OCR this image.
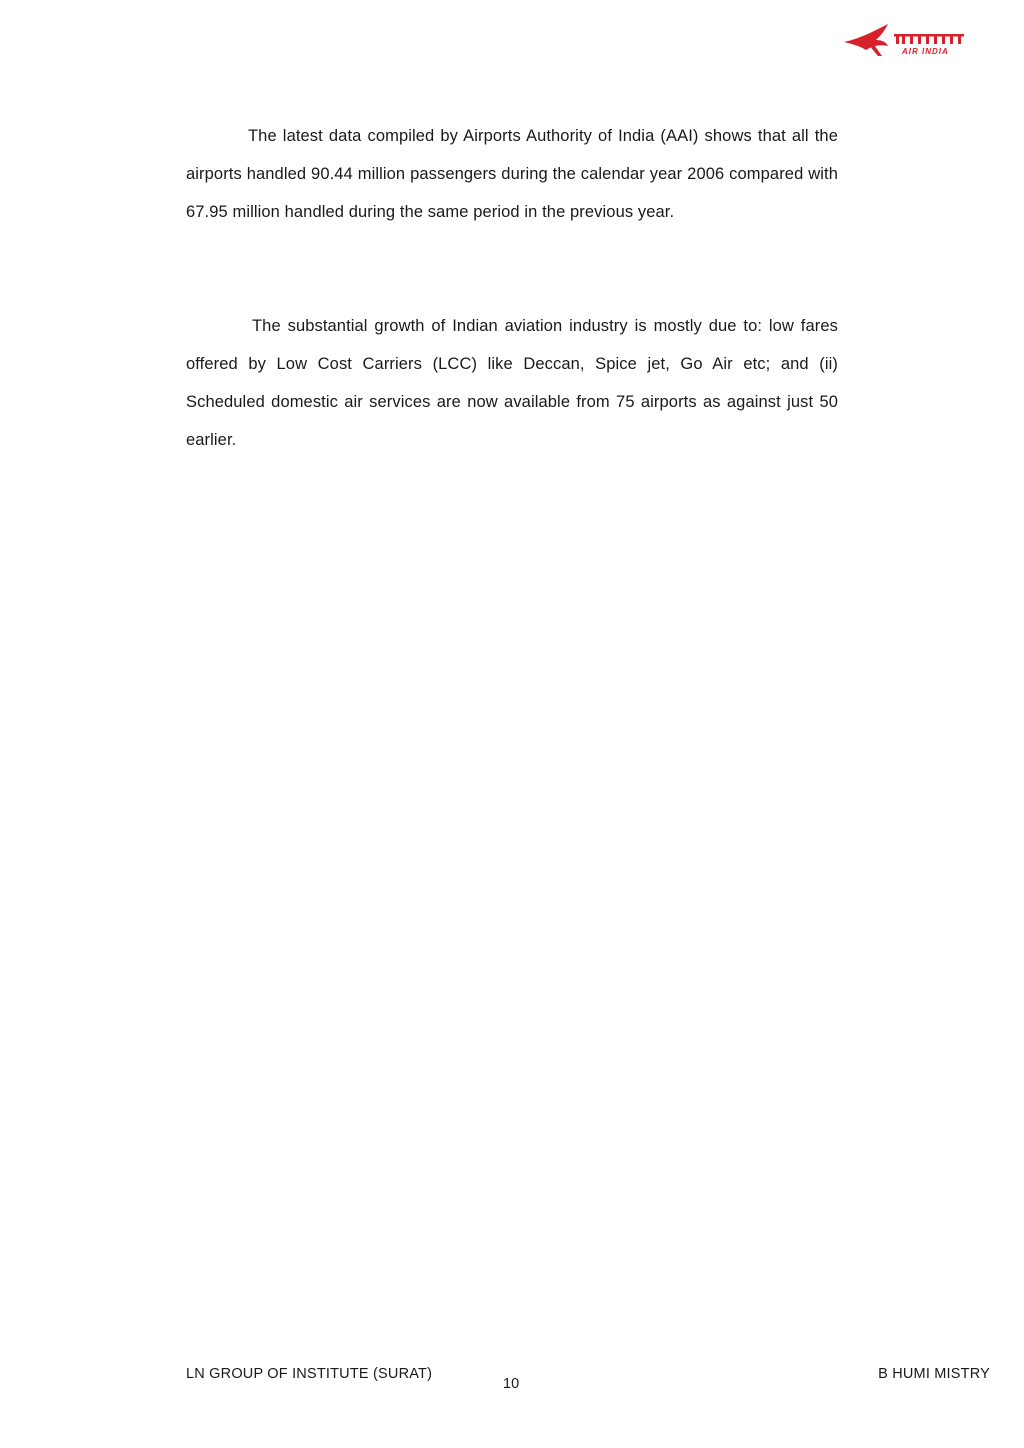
AIR INDIA

The latest data compiled by Airports Authority of India (AAI) shows that all the airports handled 90.44 million passengers during the calendar year 2006 compared with 67.95 million handled during the same period in the previous year.

The substantial growth of Indian aviation industry is mostly due to: low fares offered by Low Cost Carriers (LCC) like Deccan, Spice jet, Go Air etc; and (ii) Scheduled domestic air services are now available from 75 airports as against just 50 earlier.

LN GROUP OF INSTITUTE (SURAT)
10
B HUMI MISTRY
